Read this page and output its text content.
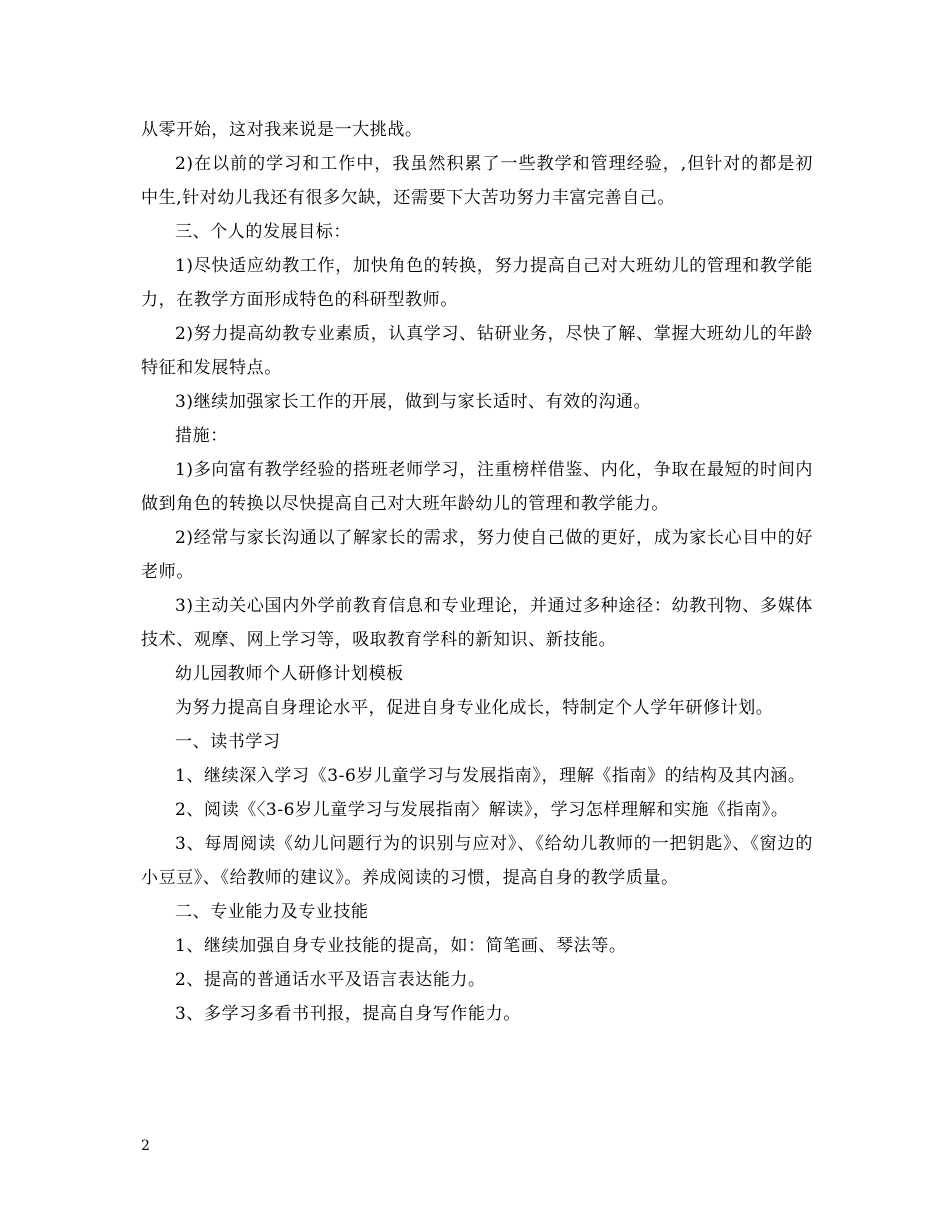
从零开始，这对我来说是一大挑战。

2)在以前的学习和工作中，我虽然积累了一些教学和管理经验，,但针对的都是初中生,针对幼儿我还有很多欠缺，还需要下大苦功努力丰富完善自己。

三、个人的发展目标：

1)尽快适应幼教工作，加快角色的转换，努力提高自己对大班幼儿的管理和教学能力，在教学方面形成特色的科研型教师。

2)努力提高幼教专业素质，认真学习、钻研业务，尽快了解、掌握大班幼儿的年龄特征和发展特点。

3)继续加强家长工作的开展，做到与家长适时、有效的沟通。

措施：

1)多向富有教学经验的搭班老师学习，注重榜样借鉴、内化，争取在最短的时间内做到角色的转换以尽快提高自己对大班年龄幼儿的管理和教学能力。

2)经常与家长沟通以了解家长的需求，努力使自己做的更好，成为家长心目中的好老师。

3)主动关心国内外学前教育信息和专业理论，并通过多种途径：幼教刊物、多媒体技术、观摩、网上学习等，吸取教育学科的新知识、新技能。

幼儿园教师个人研修计划模板

为努力提高自身理论水平，促进自身专业化成长，特制定个人学年研修计划。

一、读书学习

1、继续深入学习《3-6岁儿童学习与发展指南》，理解《指南》的结构及其内涵。

2、阅读《〈3-6岁儿童学习与发展指南〉解读》，学习怎样理解和实施《指南》。

3、每周阅读《幼儿问题行为的识别与应对》、《给幼儿教师的一把钥匙》、《窗边的小豆豆》、《给教师的建议》。养成阅读的习惯，提高自身的教学质量。

二、专业能力及专业技能

1、继续加强自身专业技能的提高，如：简笔画、琴法等。

2、提高的普通话水平及语言表达能力。

3、多学习多看书刊报，提高自身写作能力。

2
